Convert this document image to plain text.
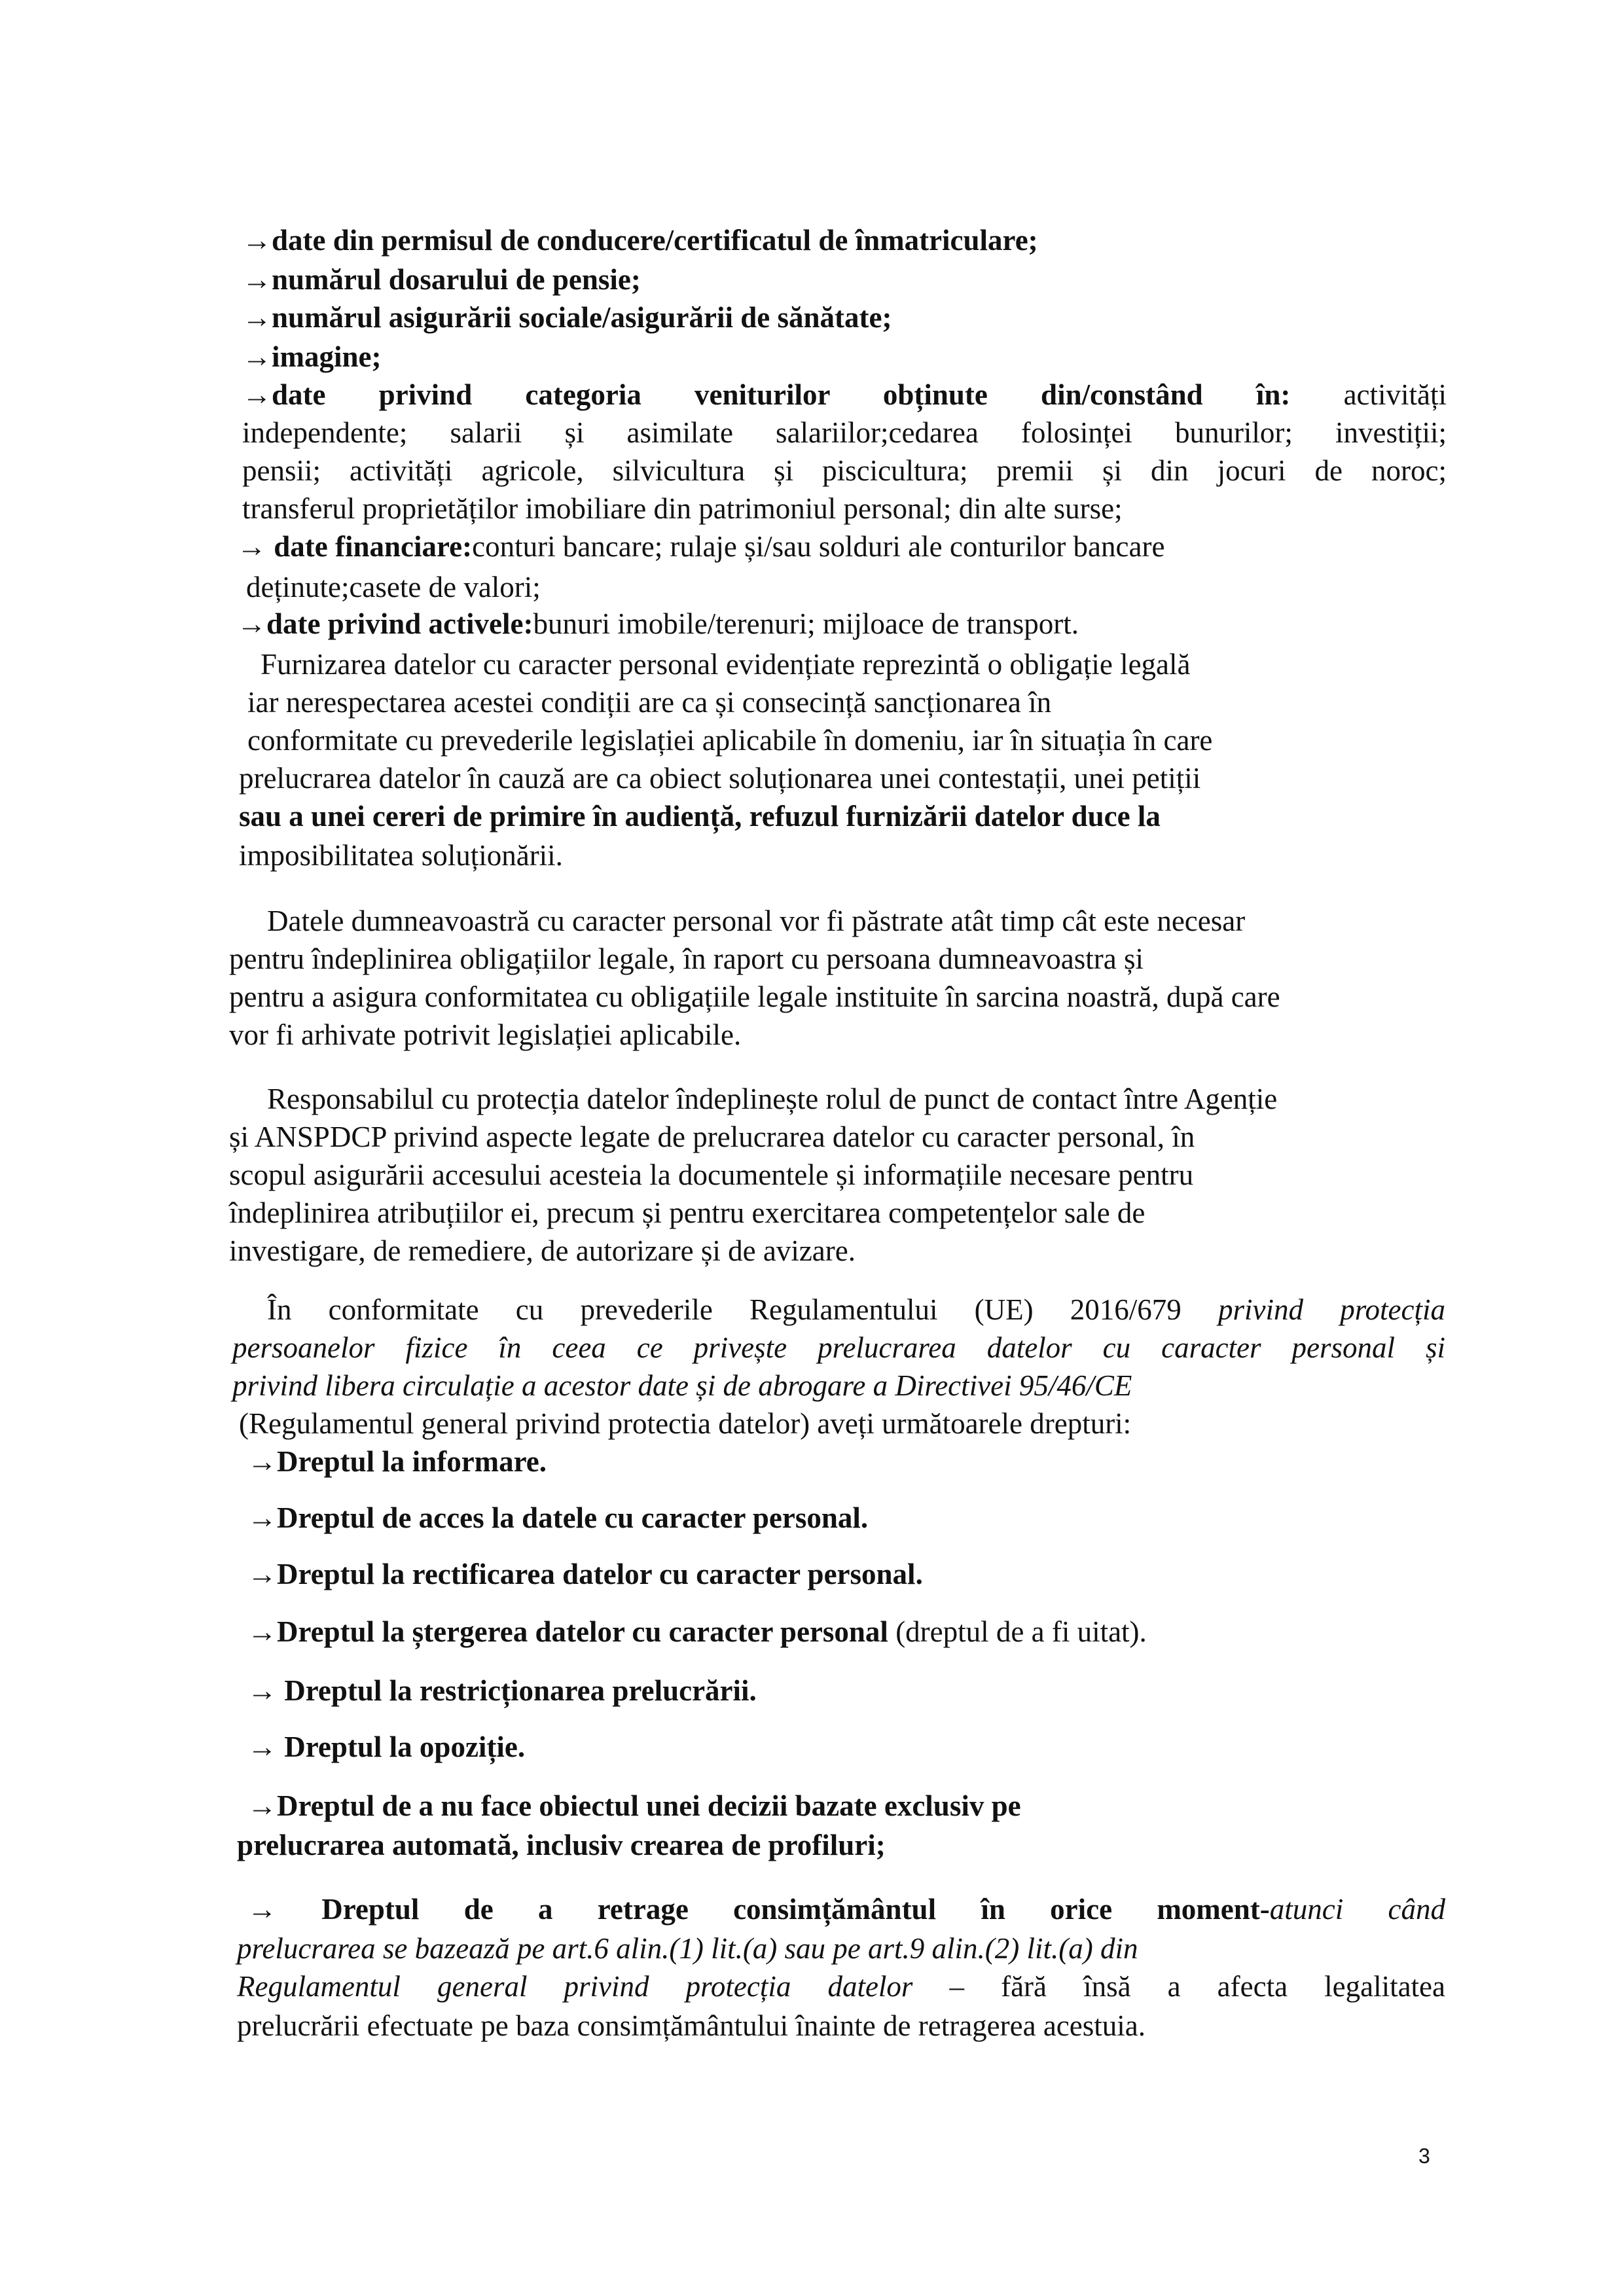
→date din permisul de conducere/certificatul de înmatriculare;
→numărul dosarului de pensie;
→numărul asigurării sociale/asigurării de sănătate;
→imagine;
→date privind categoria veniturilor obținute din/constând în: activități
independente; salarii și asimilate salariilor;cedarea folosinței bunurilor; investiții;
pensii; activități agricole, silvicultura și piscicultura; premii și din jocuri de noroc;
transferul proprietăților imobiliare din patrimoniul personal; din alte surse;
→ date financiare:conturi bancare; rulaje și/sau solduri ale conturilor bancare
deținute;casete de valori;
→date privind activele:bunuri imobile/terenuri; mijloace de transport.
Furnizarea datelor cu caracter personal evidențiate reprezintă o obligație legală
iar nerespectarea acestei condiții are ca și consecință sancționarea în
conformitate cu prevederile legislației aplicabile în domeniu, iar în situația în care
prelucrarea datelor în cauză are ca obiect soluționarea unei contestații, unei petiții
sau a unei cereri de primire în audiență, refuzul furnizării datelor duce la
imposibilitatea soluționării.
Datele dumneavoastră cu caracter personal vor fi păstrate atât timp cât este necesar
pentru îndeplinirea obligațiilor legale, în raport cu persoana dumneavoastra și
pentru a asigura conformitatea cu obligațiile legale instituite în sarcina noastră, după care
vor fi arhivate potrivit legislației aplicabile.
Responsabilul cu protecția datelor îndeplinește rolul de punct de contact între Agenție
și ANSPDCP privind aspecte legate de prelucrarea datelor cu caracter personal, în
scopul asigurării accesului acesteia la documentele și informațiile necesare pentru
îndeplinirea atribuțiilor ei, precum și pentru exercitarea competențelor sale de
investigare, de remediere, de autorizare și de avizare.
În conformitate cu prevederile Regulamentului (UE) 2016/679 privind protecția
persoanelor fizice în ceea ce privește prelucrarea datelor cu caracter personal și
privind libera circulație a acestor date și de abrogare a Directivei 95/46/CE
(Regulamentul general privind protectia datelor) aveți următoarele drepturi:
→Dreptul la informare.
→Dreptul de acces la datele cu caracter personal.
→Dreptul la rectificarea datelor cu caracter personal.
→Dreptul la ștergerea datelor cu caracter personal (dreptul de a fi uitat).
→ Dreptul la restricționarea prelucrării.
→ Dreptul la opoziție.
→Dreptul de a nu face obiectul unei decizii bazate exclusiv pe
prelucrarea automată, inclusiv crearea de profiluri;
→ Dreptul de a retrage consimțământul în orice moment-atunci când
prelucrarea se bazează pe art.6 alin.(1) lit.(a) sau pe art.9 alin.(2) lit.(a) din
Regulamentul general privind protecția datelor – fără însă a afecta legalitatea
prelucrării efectuate pe baza consimțământului înainte de retragerea acestuia.
3
